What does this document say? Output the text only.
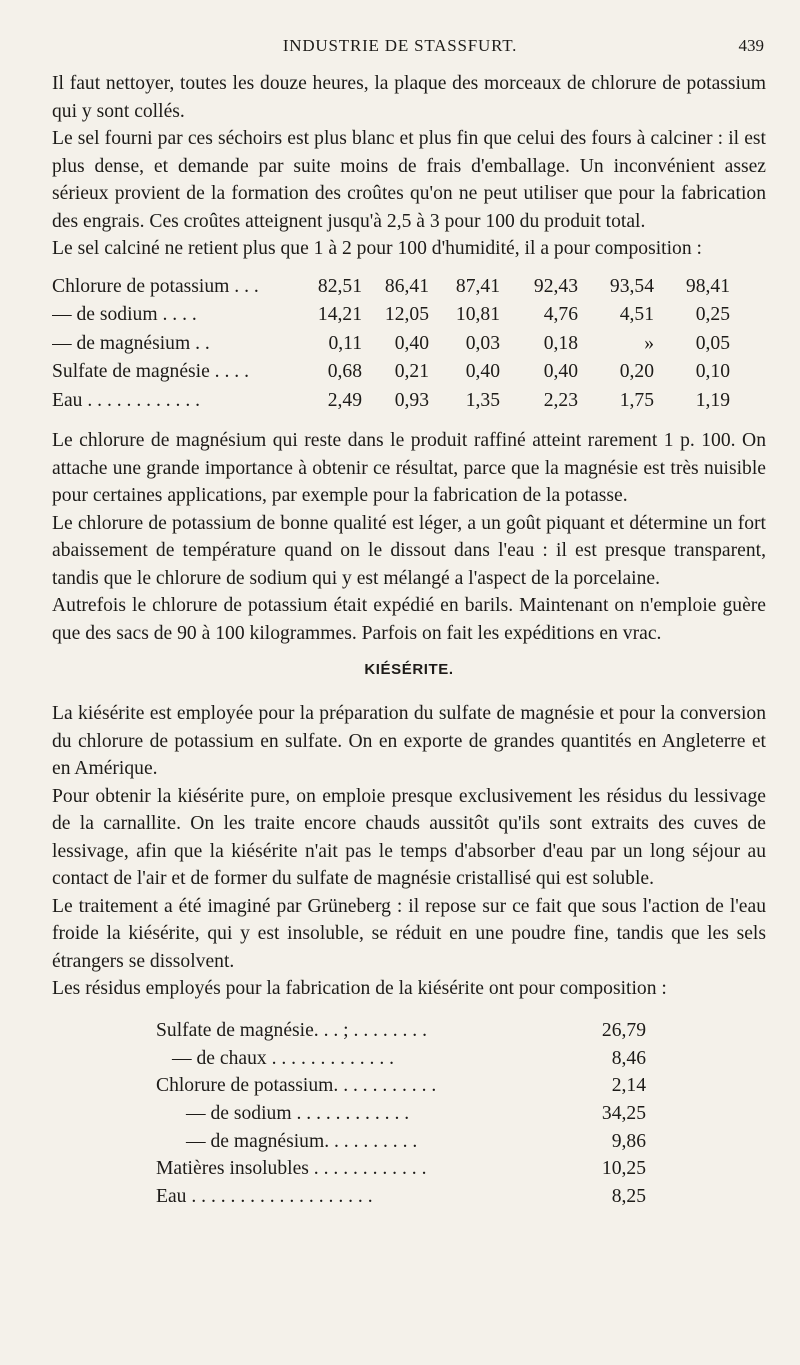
INDUSTRIE DE STASSFURT.	439

Il faut nettoyer, toutes les douze heures, la plaque des morceaux de chlorure de potassium qui y sont collés.

Le sel fourni par ces séchoirs est plus blanc et plus fin que celui des fours à calciner : il est plus dense, et demande par suite moins de frais d'emballage. Un inconvénient assez sérieux provient de la formation des croûtes qu'on ne peut utiliser que pour la fabrication des engrais. Ces croûtes atteignent jusqu'à 2,5 à 3 pour 100 du produit total.

Le sel calciné ne retient plus que 1 à 2 pour 100 d'humidité, il a pour composition :

Chlorure de potassium . . .	82,51	86,41	87,41	92,43	93,54	98,41
— de sodium . . . .	14,21	12,05	10,81	4,76	4,51	0,25
— de magnésium . .	0,11	0,40	0,03	0,18	»	0,05
Sulfate de magnésie . . . .	0,68	0,21	0,40	0,40	0,20	0,10
Eau . . . . . . . . . . . .	2,49	0,93	1,35	2,23	1,75	1,19

Le chlorure de magnésium qui reste dans le produit raffiné atteint rarement 1 p. 100. On attache une grande importance à obtenir ce résultat, parce que la magnésie est très nuisible pour certaines applications, par exemple pour la fabrication de la potasse.

Le chlorure de potassium de bonne qualité est léger, a un goût piquant et détermine un fort abaissement de température quand on le dissout dans l'eau : il est presque transparent, tandis que le chlorure de sodium qui y est mélangé a l'aspect de la porcelaine.

Autrefois le chlorure de potassium était expédié en barils. Maintenant on n'emploie guère que des sacs de 90 à 100 kilogrammes. Parfois on fait les expéditions en vrac.

KIÉSÉRITE.

La kiésérite est employée pour la préparation du sulfate de magnésie et pour la conversion du chlorure de potassium en sulfate. On en exporte de grandes quantités en Angleterre et en Amérique.

Pour obtenir la kiésérite pure, on emploie presque exclusivement les résidus du lessivage de la carnallite. On les traite encore chauds aussitôt qu'ils sont extraits des cuves de lessivage, afin que la kiésérite n'ait pas le temps d'absorber d'eau par un long séjour au contact de l'air et de former du sulfate de magnésie cristallisé qui est soluble.

Le traitement a été imaginé par Grüneberg : il repose sur ce fait que sous l'action de l'eau froide la kiésérite, qui y est insoluble, se réduit en une poudre fine, tandis que les sels étrangers se dissolvent.

Les résidus employés pour la fabrication de la kiésérite ont pour composition :

Sulfate de magnésie. . . ; . . . . . . . .	26,79
— de chaux . . . . . . . . . . . . .	8,46
Chlorure de potassium. . . . . . . . . . .	2,14
— de sodium . . . . . . . . . . . .	34,25
— de magnésium. . . . . . . . . .	9,86
Matières insolubles . . . . . . . . . . . .	10,25
Eau . . . . . . . . . . . . . . . . . . .	8,25
